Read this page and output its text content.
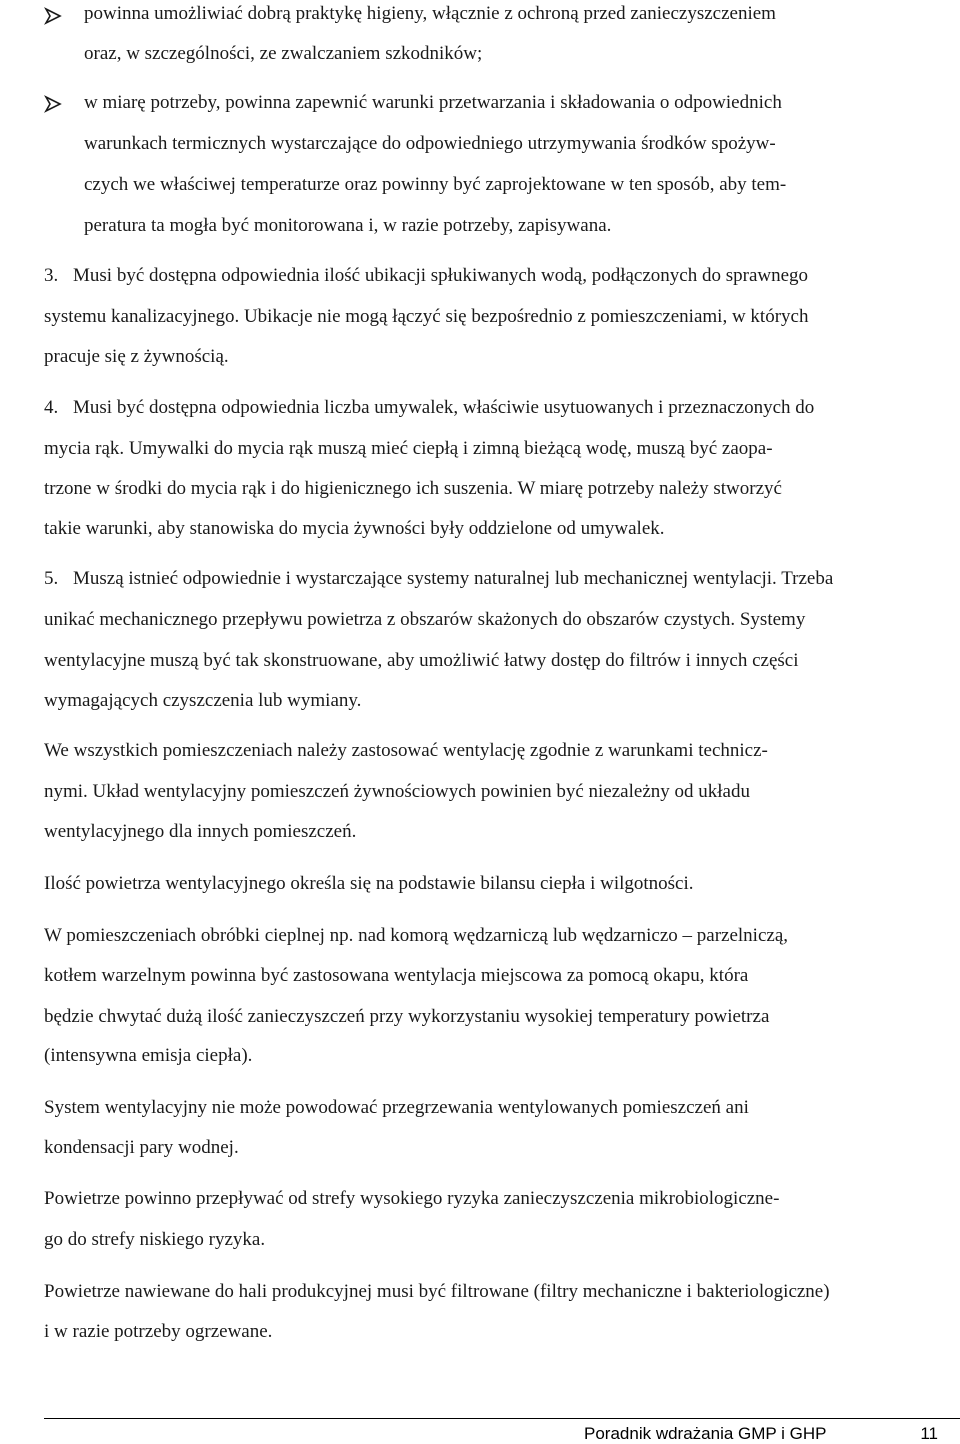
powinna umożliwiać dobrą praktykę higieny, włącznie z ochroną przed zanieczyszczeniem
oraz, w szczególności, ze zwalczaniem szkodników;
w miarę potrzeby, powinna zapewnić warunki przetwarzania i składowania o odpowiednich
warunkach termicznych wystarczające do odpowiedniego utrzymywania środków spożyw-
czych we właściwej temperaturze oraz powinny być zaprojektowane w ten sposób, aby tem-
peratura ta mogła być monitorowana i, w razie potrzeby, zapisywana.
3. Musi być dostępna odpowiednia ilość ubikacji spłukiwanych wodą, podłączonych do sprawnego
systemu kanalizacyjnego. Ubikacje nie mogą łączyć się bezpośrednio z pomieszczeniami, w których
pracuje się z żywnością.
4. Musi być dostępna odpowiednia liczba umywalek, właściwie usytuowanych i przeznaczonych do
mycia rąk. Umywalki do mycia rąk muszą mieć ciepłą i zimną bieżącą wodę, muszą być zaopa-
trzone w środki do mycia rąk i do higienicznego ich suszenia. W miarę potrzeby należy stworzyć
takie warunki, aby stanowiska do mycia żywności były oddzielone od umywalek.
5. Muszą istnieć odpowiednie i wystarczające systemy naturalnej lub mechanicznej wentylacji. Trzeba
unikać mechanicznego przepływu powietrza z obszarów skażonych do obszarów czystych. Systemy
wentylacyjne muszą być tak skonstruowane, aby umożliwić łatwy dostęp do filtrów i innych części
wymagających czyszczenia lub wymiany.
We wszystkich pomieszczeniach należy zastosować wentylację zgodnie z warunkami technicz-
nymi. Układ wentylacyjny pomieszczeń żywnościowych powinien być niezależny od układu
wentylacyjnego dla innych pomieszczeń.
Ilość powietrza wentylacyjnego określa się na podstawie bilansu ciepła i wilgotności.
W pomieszczeniach obróbki cieplnej np. nad komorą wędzarniczą lub wędzarniczo – parzelniczą,
kotłem warzelnym powinna być zastosowana wentylacja miejscowa za pomocą okapu, która
będzie chwytać dużą ilość zanieczyszczeń przy wykorzystaniu wysokiej temperatury powietrza
(intensywna emisja ciepła).
System wentylacyjny nie może powodować przegrzewania wentylowanych pomieszczeń ani
kondensacji pary wodnej.
Powietrze powinno przepływać od strefy wysokiego ryzyka zanieczyszczenia mikrobiologiczne-
go do strefy niskiego ryzyka.
Powietrze nawiewane do hali produkcyjnej musi być filtrowane (filtry mechaniczne i bakteriologiczne)
i w razie potrzeby ogrzewane.
Poradnik wdrażania GMP i GHP	11
